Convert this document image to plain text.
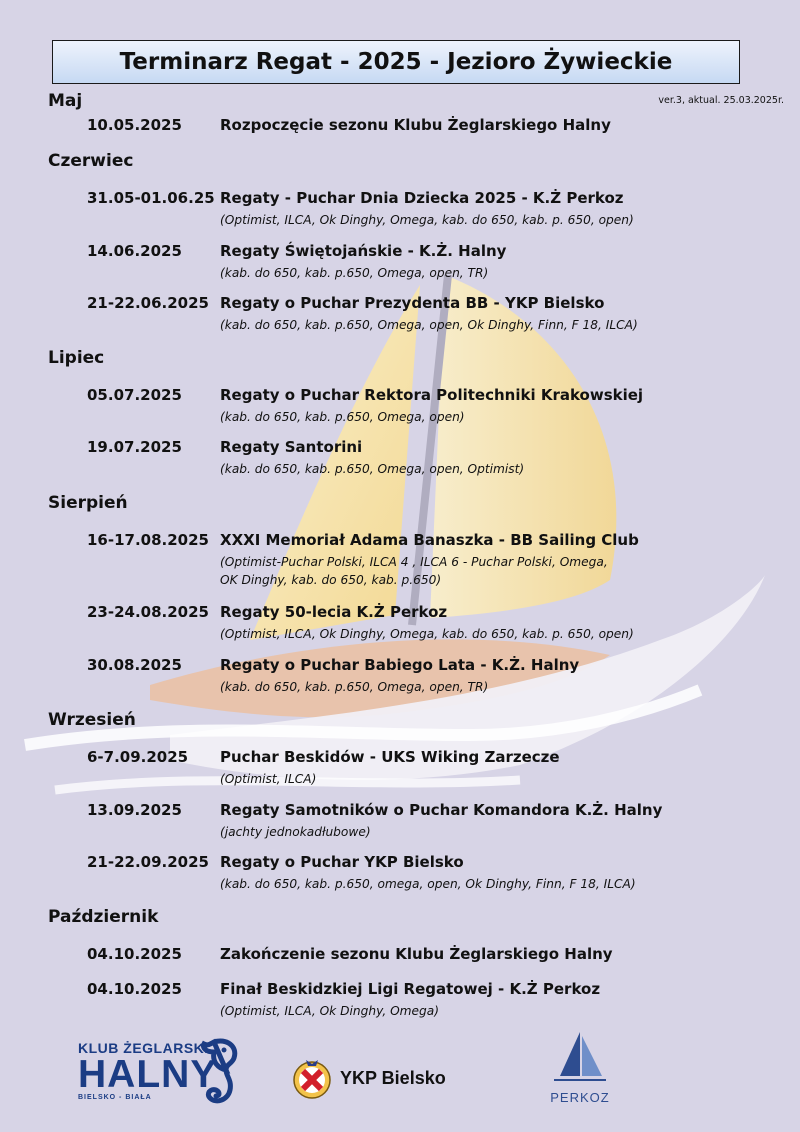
Terminarz Regat - 2025 - Jezioro Żywieckie
ver.3, aktual. 25.03.2025r.
Maj
10.05.2025	Rozpoczęcie sezonu Klubu Żeglarskiego Halny
Czerwiec
31.05-01.06.25 Regaty - Puchar Dnia Dziecka 2025 - K.Ż Perkoz
(Optimist, ILCA, Ok Dinghy, Omega, kab. do 650, kab. p. 650, open)
14.06.2025	Regaty Świętojańskie - K.Ż. Halny
(kab. do 650, kab. p.650, Omega, open, TR)
21-22.06.2025 Regaty o Puchar Prezydenta BB - YKP Bielsko
(kab. do 650, kab. p.650, Omega, open, Ok Dinghy, Finn, F 18, ILCA)
Lipiec
05.07.2025	Regaty o Puchar Rektora Politechniki Krakowskiej
(kab. do 650, kab. p.650, Omega, open)
19.07.2025	Regaty Santorini
(kab. do 650, kab. p.650, Omega, open, Optimist)
Sierpień
16-17.08.2025 XXXI Memoriał Adama Banaszka - BB Sailing Club
(Optimist-Puchar Polski, ILCA 4 , ILCA 6 - Puchar Polski, Omega,
OK Dinghy, kab. do 650, kab. p.650)
23-24.08.2025 Regaty 50-lecia K.Ż Perkoz
(Optimist, ILCA, Ok Dinghy, Omega, kab. do 650, kab. p. 650, open)
30.08.2025	Regaty o Puchar Babiego Lata - K.Ż. Halny
(kab. do 650, kab. p.650, Omega, open, TR)
Wrzesień
6-7.09.2025 Puchar Beskidów - UKS Wiking Zarzecze
(Optimist, ILCA)
13.09.2025	Regaty Samotników o Puchar Komandora K.Ż. Halny
(jachty jednokadłubowe)
21-22.09.2025 Regaty o Puchar YKP Bielsko
(kab. do 650, kab. p.650, omega, open, Ok Dinghy, Finn, F 18, ILCA)
Październik
04.10.2025	Zakończenie sezonu Klubu Żeglarskiego Halny
04.10.2025	Finał Beskidzkiej Ligi Regatowej - K.Ż Perkoz
(Optimist, ILCA, Ok Dinghy, Omega)
KLUB ŻEGLARSKI
HALNY
BIELSKO - BIAŁA
YKP Bielsko
PERKOZ
